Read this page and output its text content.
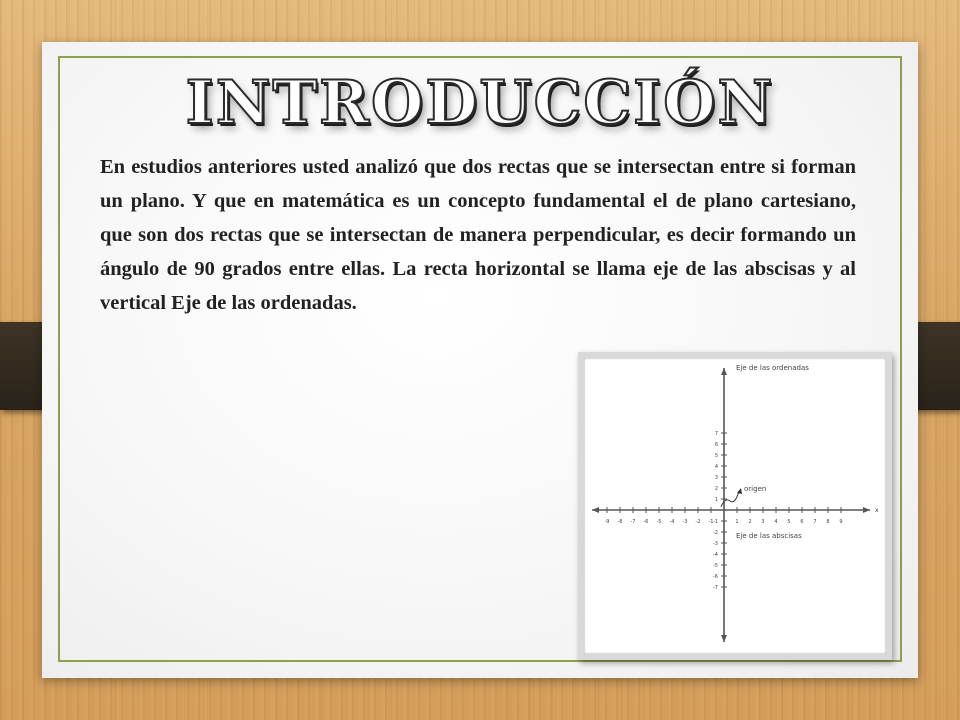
INTRODUCCIÓN

En estudios anteriores usted analizó que dos rectas que se intersectan entre si forman un plano. Y que en matemática es un concepto fundamental el de plano cartesiano, que son dos rectas que se intersectan de manera perpendicular, es decir formando un ángulo de 90 grados entre ellas. La recta horizontal se llama eje de las abscisas y al vertical Eje de las ordenadas.

-9 -8 -7 -6 -5 -4 -3 -2 -1	1 2 3 4 5 6 7 8 9
-7
-6
-5
-4
-3
-2
-1
1
2
3
4
5
6
7
x
Eje de las ordenadas
Eje de las abscisas
origen
